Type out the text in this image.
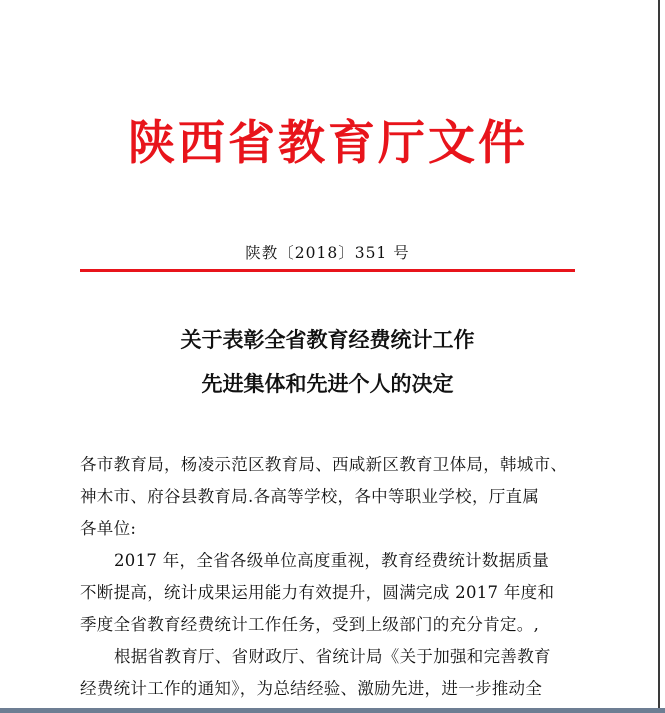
陕西省教育厅文件
陕教〔2018〕351 号
关于表彰全省教育经费统计工作
先进集体和先进个人的决定
各市教育局，杨凌示范区教育局、西咸新区教育卫体局，韩城市、
神木市、府谷县教育局.各高等学校，各中等职业学校，厅直属
各单位:
2017 年，全省各级单位高度重视，教育经费统计数据质量
不断提高，统计成果运用能力有效提升，圆满完成 2017 年度和
季度全省教育经费统计工作任务，受到上级部门的充分肯定。,
根据省教育厅、省财政厅、省统计局《关于加强和完善教育
经费统计工作的通知》，为总结经验、激励先进，进一步推动全
